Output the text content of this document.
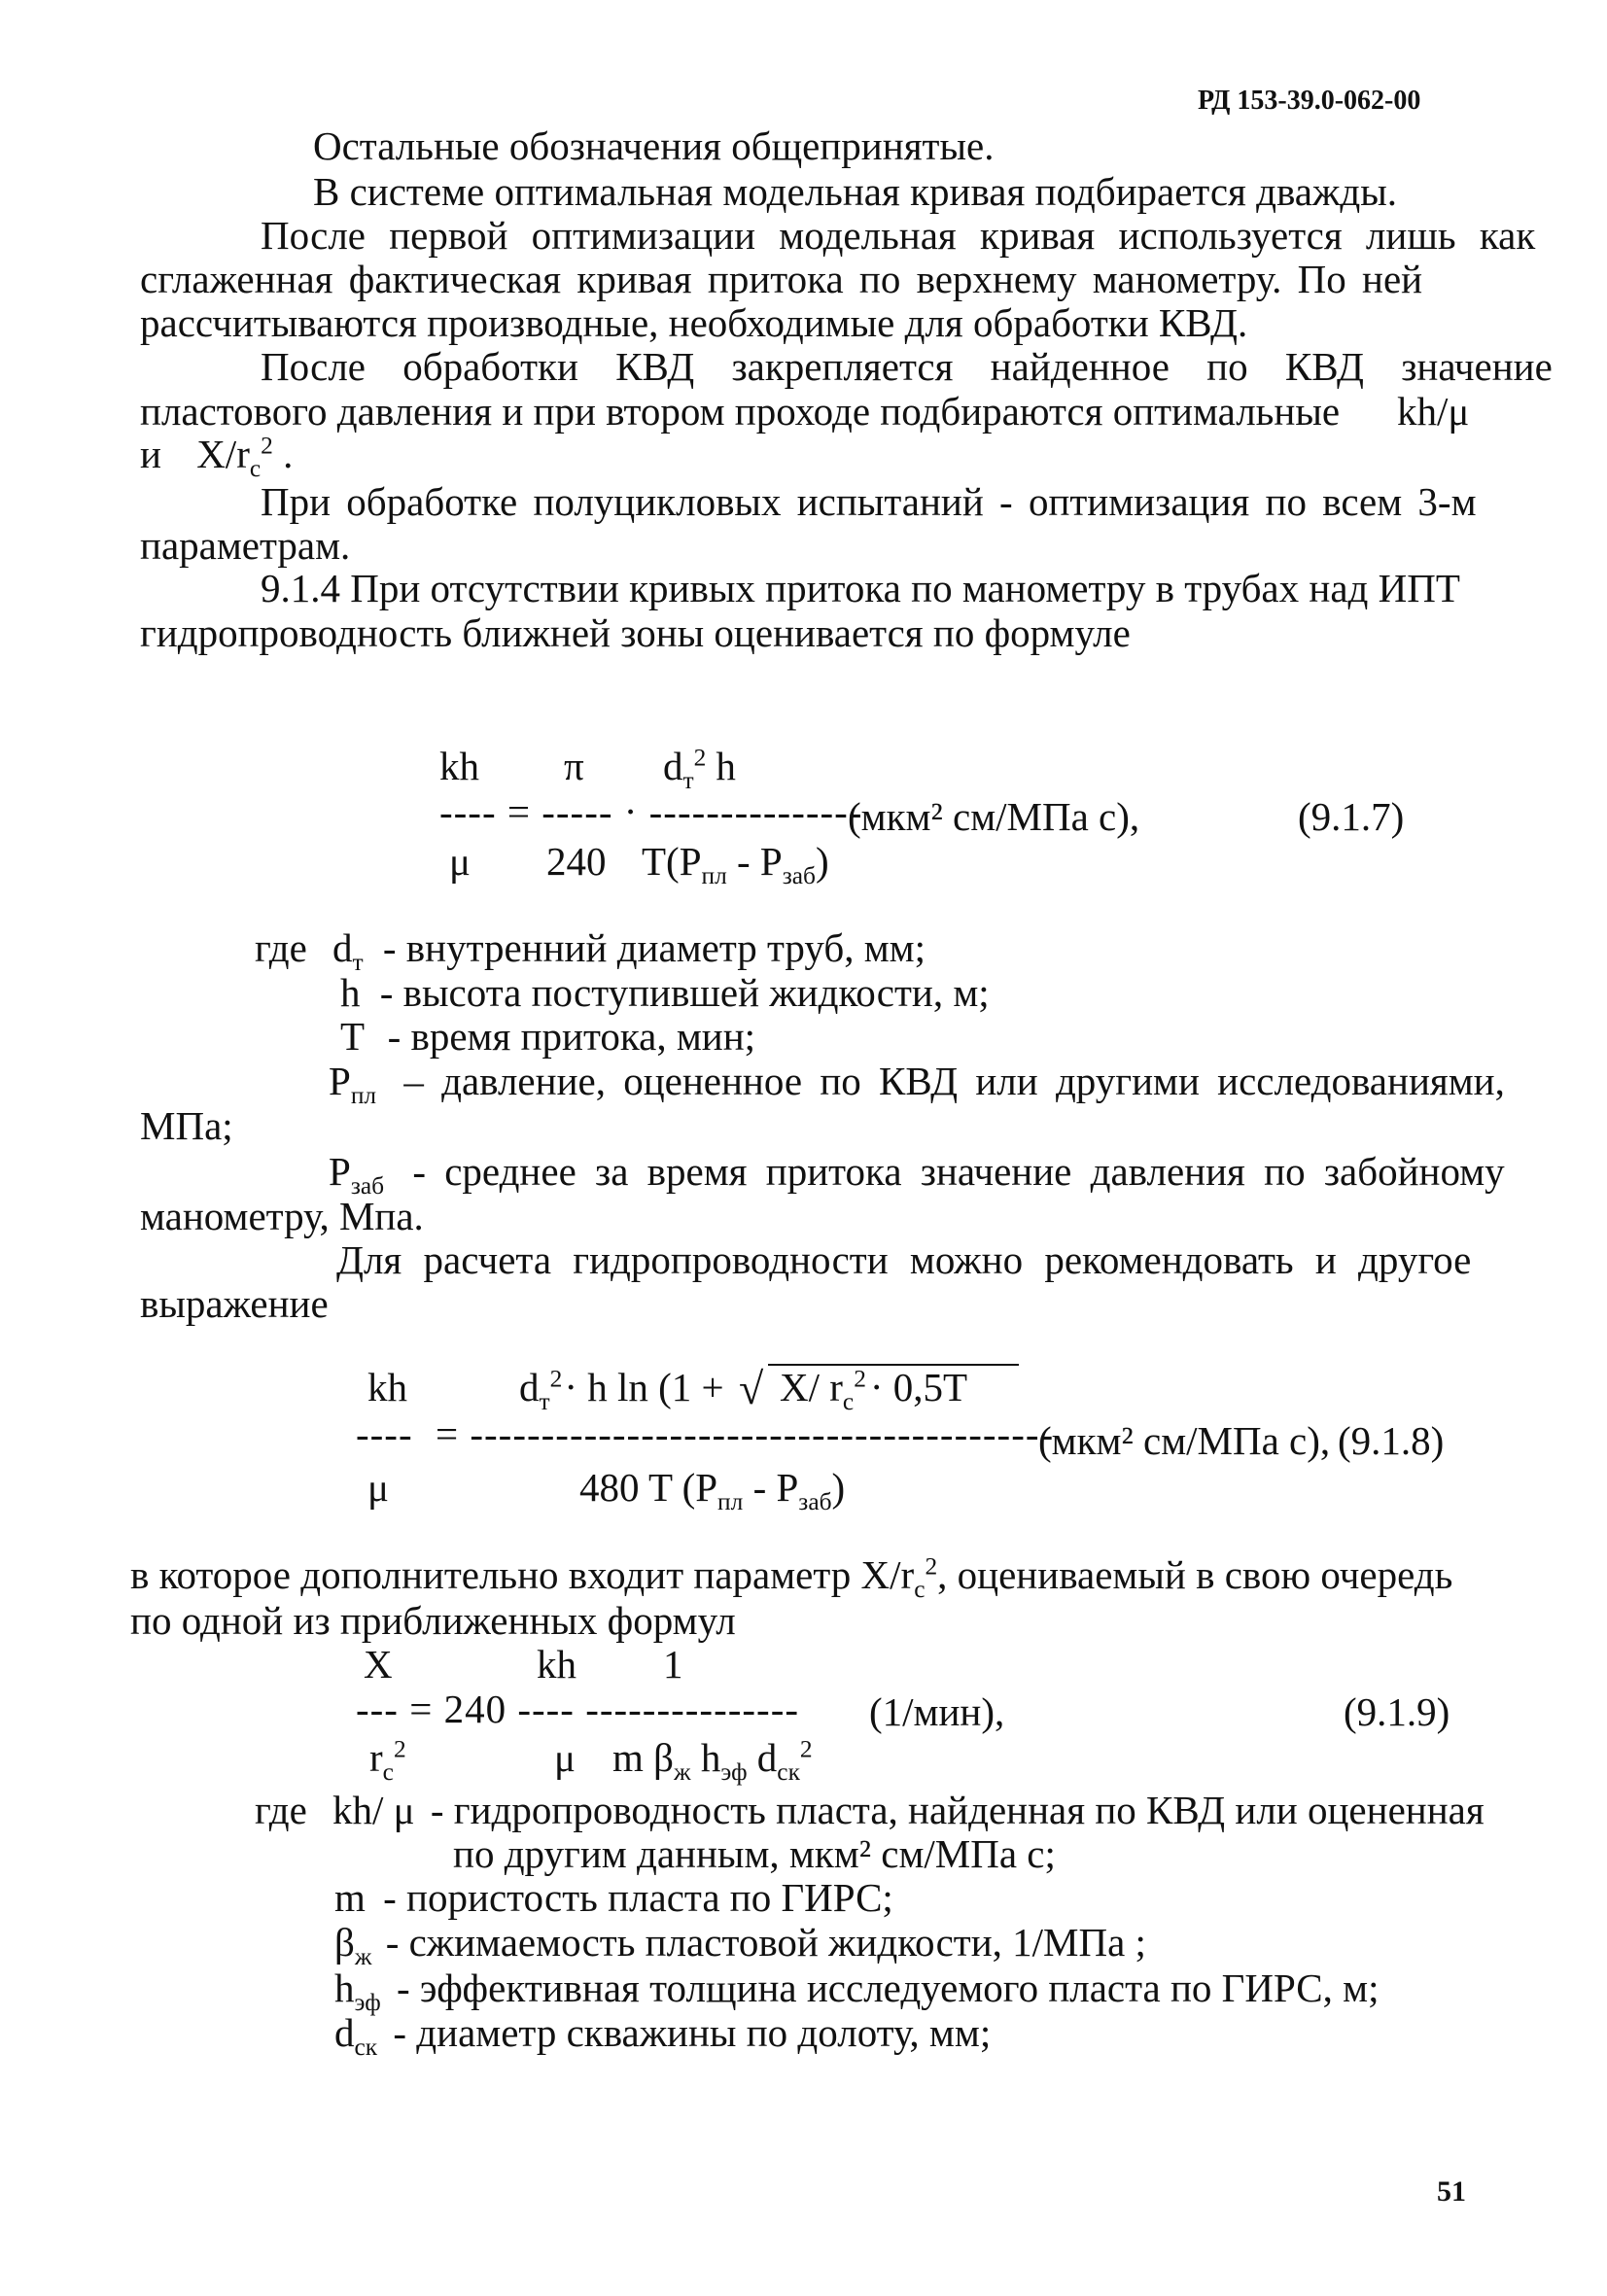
РД 153-39.0-062-00
Остальные обозначения общепринятые.
В системе оптимальная модельная кривая подбирается дважды.
После первой оптимизации модельная кривая используется лишь как
сглаженная фактическая кривая притока по верхнему манометру. По ней
рассчитываются производные, необходимые для обработки КВД.
После обработки КВД закрепляется найденное по КВД значение
пластового давления и при втором проходе подбираются оптимальные kh/μ
и $X/r_c^2$ .
При обработке полуцикловых испытаний - оптимизация по всем 3-м
параметрам.
9.1.4 При отсутствии кривых притока по манометру в трубах над ИПТ
гидропроводность ближней зоны оценивается по формуле
kh π $d_т^2$ h
---- = ----- · ---------------
(мкм² см/МПа с),	(9.1.7)
μ 240 $T(P_{пл} - P_{заб})$
где $d_т$ - внутренний диаметр труб, мм;
h - высота поступившей жидкости, м;
T - время притока, мин;
$P_{пл}$ – давление, оцененное по КВД или другими исследованиями,
МПа;
$P_{заб}$ - среднее за время притока значение давления по забойному
манометру, Мпа.
Для расчета гидропроводности можно рекомендовать и другое
выражение
kh	$d_т^2\cdot h$ ln (1 + √ X/ $r_c^2\cdot 0,5T$
---- = -----------------------------------------
(мкм² см/МПа с), (9.1.8)
μ	480 T $(P_{пл} - P_{заб})$
в которое дополнительно входит параметр $X/r_c^2$, оцениваемый в свою очередь
по одной из приближенных формул
X	kh 1
--- = 240 ---- --------------- (1/мин),	(9.1.9)
$r_c^2$	μ m $\beta_ж$ $h_{эф}$ $d_{ск}^2$
где kh/ μ - гидропроводность пласта, найденная по КВД или оцененная
по другим данным, мкм² см/МПа с;
m - пористость пласта по ГИРС;
$\beta_ж$ - сжимаемость пластовой жидкости, 1/МПа ;
$h_{эф}$ - эффективная толщина исследуемого пласта по ГИРС, м;
$d_{ск}$ - диаметр скважины по долоту, мм;
51
